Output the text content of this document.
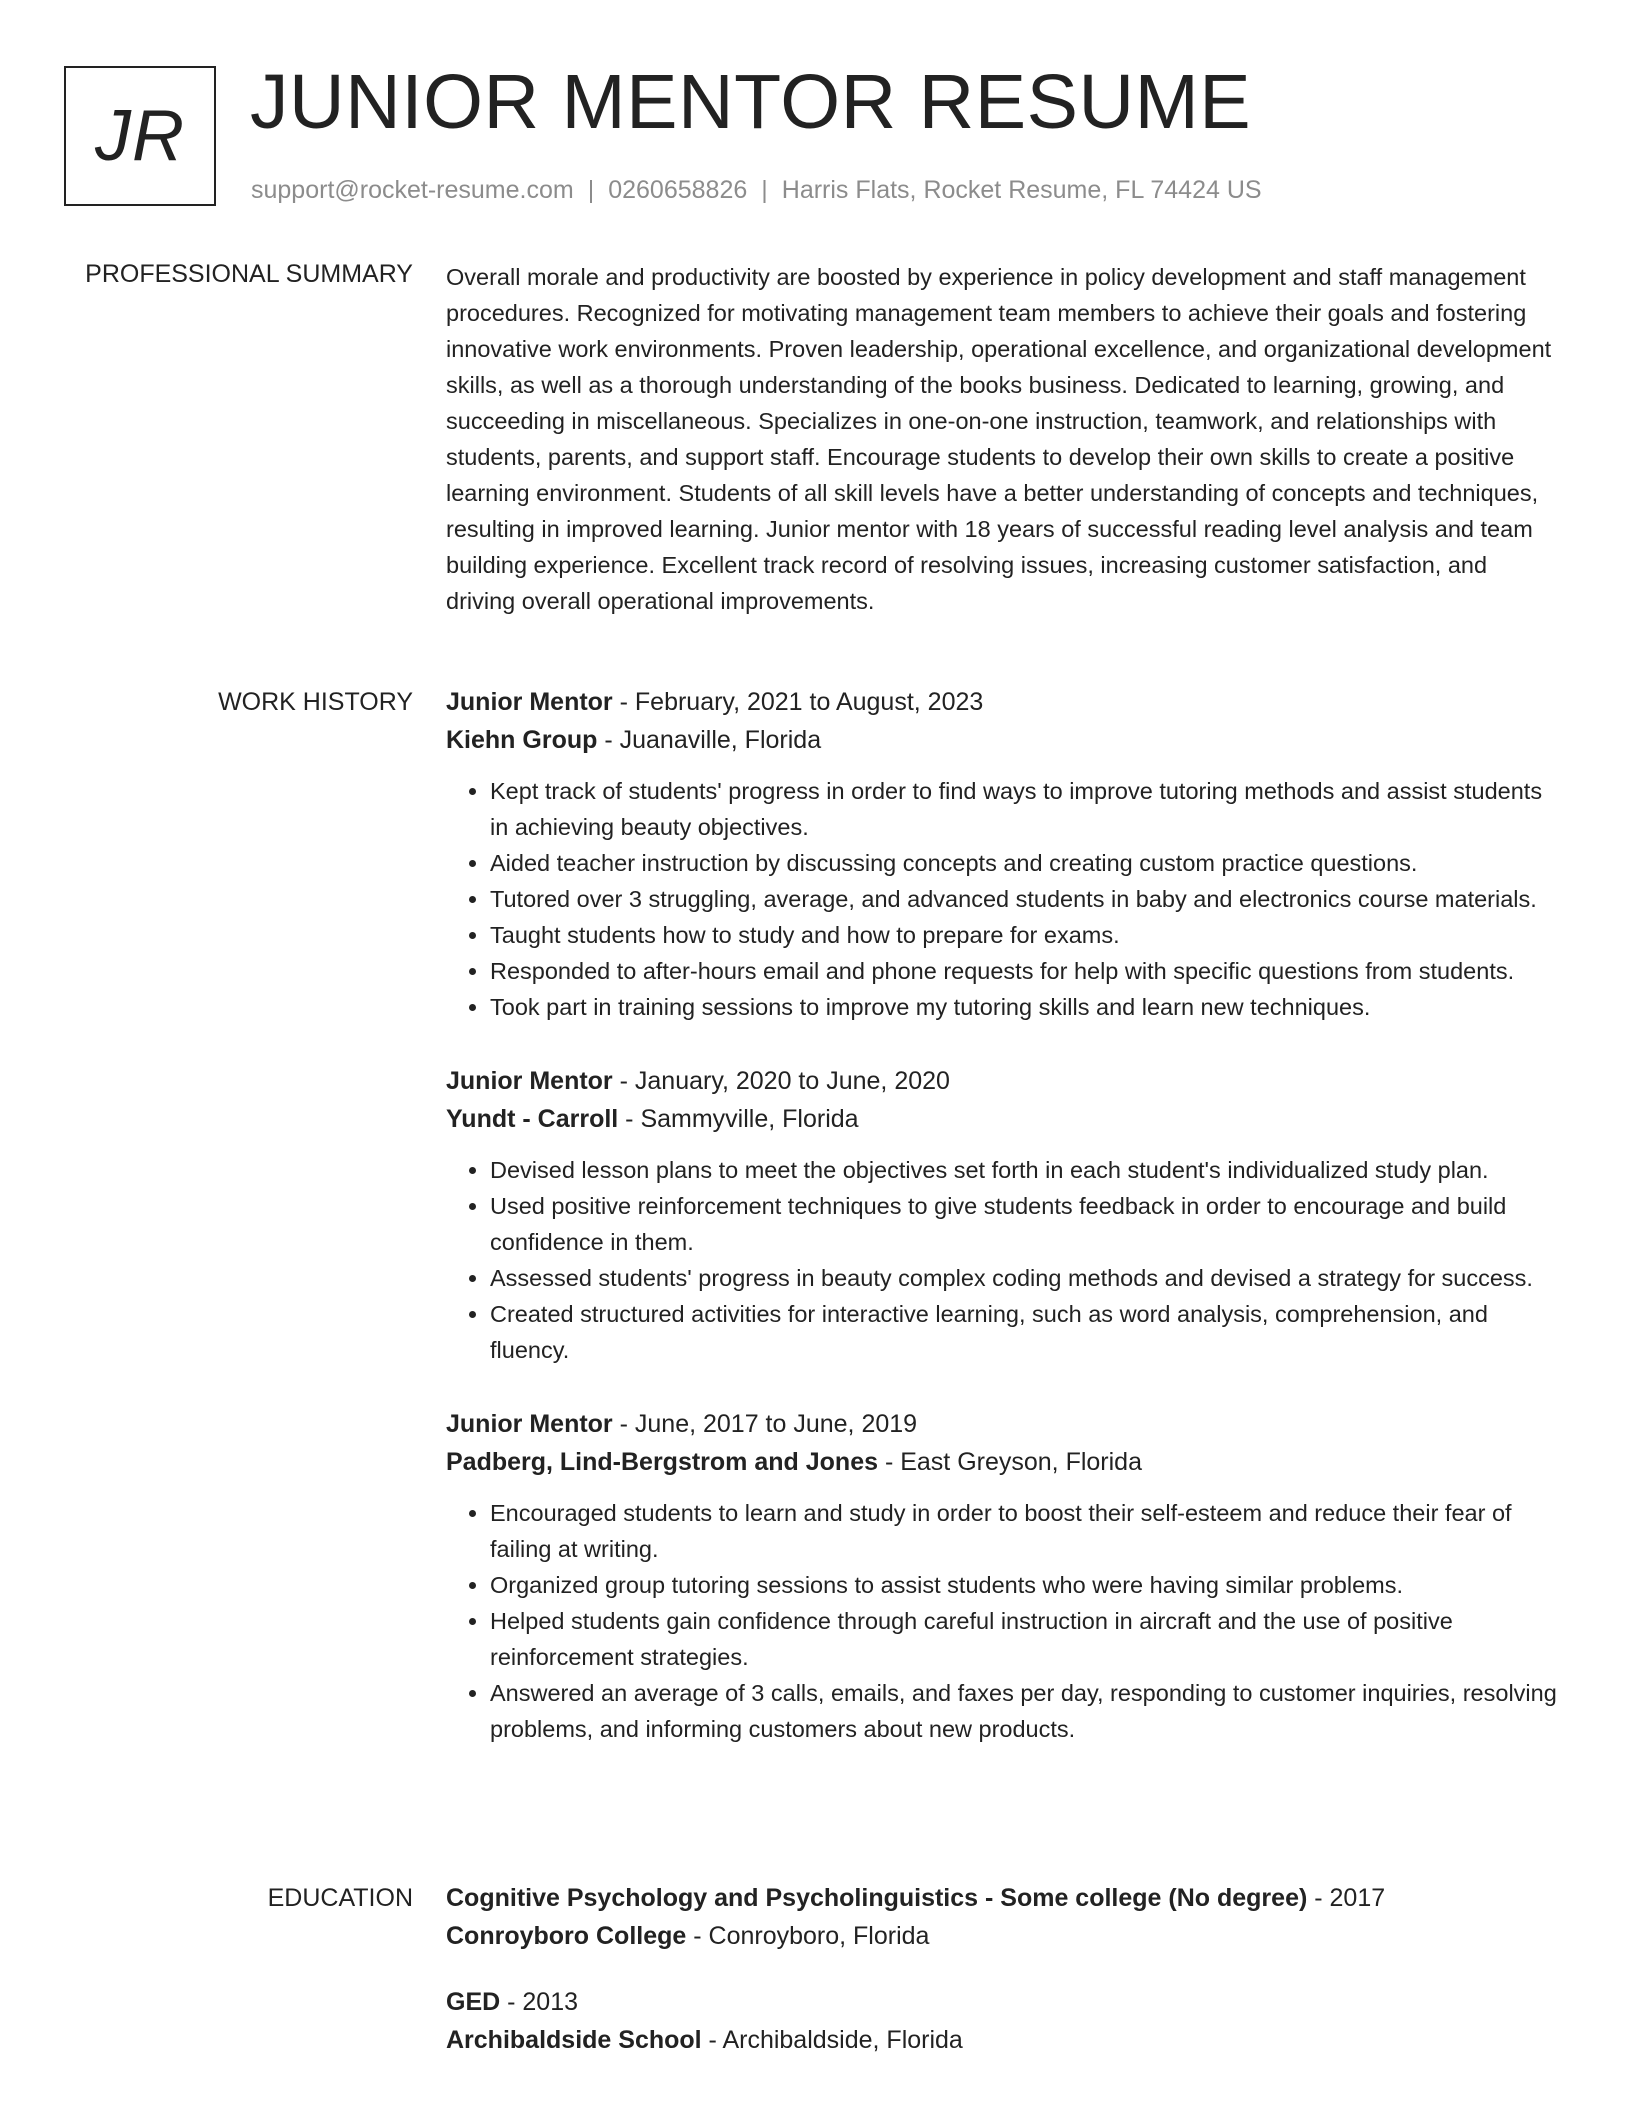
JR JUNIOR MENTOR RESUME
support@rocket-resume.com | 0260658826 | Harris Flats, Rocket Resume, FL 74424 US
PROFESSIONAL SUMMARY Overall morale and productivity are boosted by experience in policy development and staff management procedures. Recognized for motivating management team members to achieve their goals and fostering innovative work environments. Proven leadership, operational excellence, and organizational development skills, as well as a thorough understanding of the books business. Dedicated to learning, growing, and succeeding in miscellaneous. Specializes in one-on-one instruction, teamwork, and relationships with students, parents, and support staff. Encourage students to develop their own skills to create a positive learning environment. Students of all skill levels have a better understanding of concepts and techniques, resulting in improved learning. Junior mentor with 18 years of successful reading level analysis and team building experience. Excellent track record of resolving issues, increasing customer satisfaction, and driving overall operational improvements.

WORK HISTORY Junior Mentor - February, 2021 to August, 2023
Kiehn Group - Juanaville, Florida
• Kept track of students' progress in order to find ways to improve tutoring methods and assist students in achieving beauty objectives.
• Aided teacher instruction by discussing concepts and creating custom practice questions.
• Tutored over 3 struggling, average, and advanced students in baby and electronics course materials.
• Taught students how to study and how to prepare for exams.
• Responded to after-hours email and phone requests for help with specific questions from students.
• Took part in training sessions to improve my tutoring skills and learn new techniques.
Junior Mentor - January, 2020 to June, 2020
Yundt - Carroll - Sammyville, Florida
• Devised lesson plans to meet the objectives set forth in each student's individualized study plan.
• Used positive reinforcement techniques to give students feedback in order to encourage and build confidence in them.
• Assessed students' progress in beauty complex coding methods and devised a strategy for success.
• Created structured activities for interactive learning, such as word analysis, comprehension, and fluency.
Junior Mentor - June, 2017 to June, 2019
Padberg, Lind-Bergstrom and Jones - East Greyson, Florida
• Encouraged students to learn and study in order to boost their self-esteem and reduce their fear of failing at writing.
• Organized group tutoring sessions to assist students who were having similar problems.
• Helped students gain confidence through careful instruction in aircraft and the use of positive reinforcement strategies.
• Answered an average of 3 calls, emails, and faxes per day, responding to customer inquiries, resolving problems, and informing customers about new products.
EDUCATION Cognitive Psychology and Psycholinguistics - Some college (No degree) - 2017
Conroyboro College - Conroyboro, Florida
GED - 2013
Archibaldside School - Archibaldside, Florida
